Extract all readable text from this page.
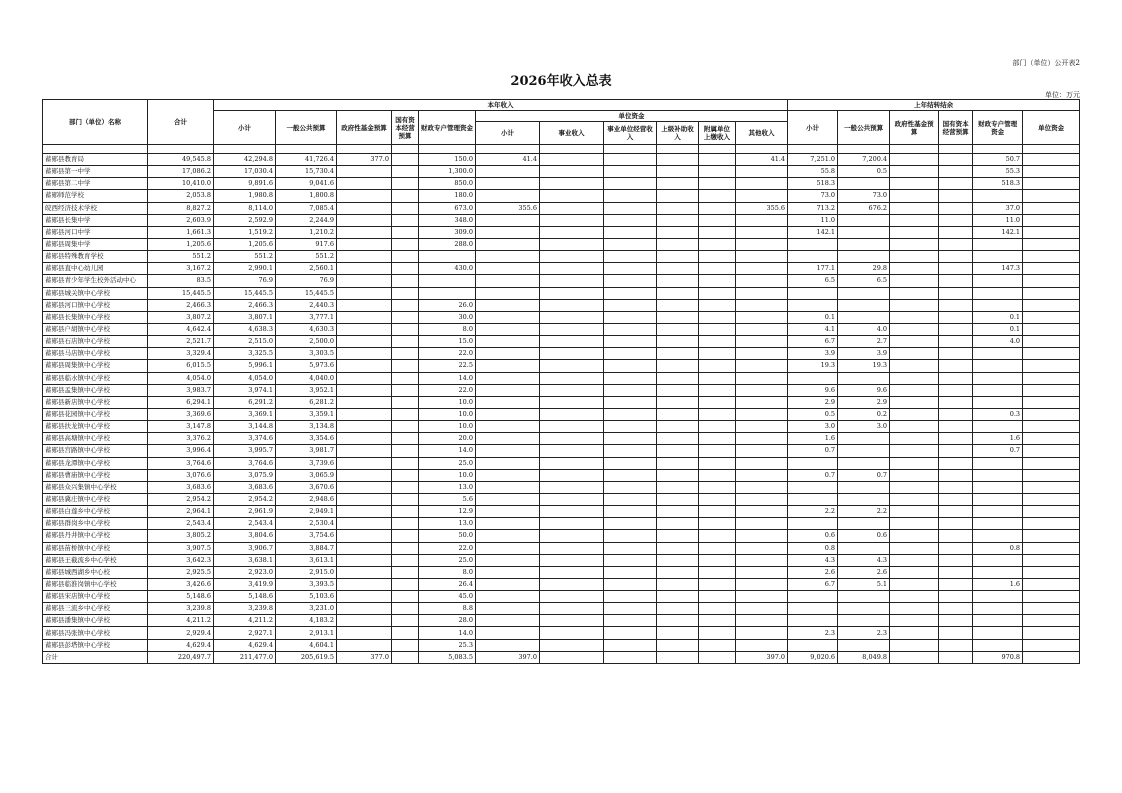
部门（单位）公开表2
2026年收入总表
单位：万元
部门（单位）名称	合计	本年收入											上年结转结余					
		小计	一般公共预算	政府性基金预算	国有资本经营预算	财政专户管理资金	单位资金						小计	一般公共预算	政府性基金预算	国有资本经营预算	财政专户管理资金	单位资金
							小计	事业收入	事业单位经营收入	上级补助收入	附属单位上缴收入	其他收入						

蓄郧县教育局	49,545.8	42,294.8	41,726.4	377.0		150.0	41.4					41.4	7,251.0	7,200.4			50.7	
蓄郧县第一中学	17,086.2	17,030.4	15,730.4			1,300.0							55.8	0.5			55.3	
蓄郧县第二中学	10,410.0	9,891.6	9,041.6			850.0							518.3				518.3	
蓄郧师范学校	2,053.8	1,980.8	1,800.8			180.0							73.0	73.0				
皖西经济技术学校	8,827.2	8,114.0	7,085.4			673.0	355.6					355.6	713.2	676.2			37.0	
蓄郧县长集中学	2,603.9	2,592.9	2,244.9			348.0							11.0				11.0	
蓄郧县河口中学	1,661.3	1,519.2	1,210.2			309.0							142.1				142.1	
蓄郧县周集中学	1,205.6	1,205.6	917.6			288.0												
蓄郧县特殊教育学校	551.2	551.2	551.2															
蓄郧县直中心幼儿园	3,167.2	2,990.1	2,560.1			430.0							177.1	29.8			147.3	
蓄郧县青少年学生校外活动中心	83.5	76.9	76.9										6.5	6.5				
蓄郧县城关镇中心学校	15,445.5	15,445.5	15,445.5															
蓄郧县河口镇中心学校	2,466.3	2,466.3	2,440.3			26.0												
蓄郧县长集镇中心学校	3,807.2	3,807.1	3,777.1			30.0							0.1				0.1	
蓄郧县户胡镇中心学校	4,642.4	4,638.3	4,630.3			8.0							4.1	4.0			0.1	
蓄郧县石店镇中心学校	2,521.7	2,515.0	2,500.0			15.0							6.7	2.7			4.0	
蓄郧县马店镇中心学校	3,329.4	3,325.5	3,303.5			22.0							3.9	3.9				
蓄郧县周集镇中心学校	6,015.5	5,996.1	5,973.6			22.5							19.3	19.3				
蓄郧县临水镇中心学校	4,054.0	4,054.0	4,040.0			14.0												
蓄郧县孟集镇中心学校	3,983.7	3,974.1	3,952.1			22.0							9.6	9.6				
蓄郧县新店镇中心学校	6,294.1	6,291.2	6,281.2			10.0							2.9	2.9				
蓄郧县花园镇中心学校	3,369.6	3,369.1	3,359.1			10.0							0.5	0.2			0.3	
蓄郧县扶龙镇中心学校	3,147.8	3,144.8	3,134.8			10.0							3.0	3.0				
蓄郧县高塘镇中心学校	3,376.2	3,374.6	3,354.6			20.0							1.6				1.6	
蓄郧县宫路镇中心学校	3,996.4	3,995.7	3,981.7			14.0							0.7				0.7	
蓄郧县龙潭镇中心学校	3,764.6	3,764.6	3,739.6			25.0												
蓄郧县曹庙镇中心学校	3,076.6	3,075.9	3,065.9			10.0							0.7	0.7				
蓄郧县众兴集镇中心学校	3,683.6	3,683.6	3,670.6			13.0												
蓄郧县冀庄镇中心学校	2,954.2	2,954.2	2,948.6			5.6												
蓄郧县白莲乡中心学校	2,964.1	2,961.9	2,949.1			12.9							2.2	2.2				
蓄郧县群岗乡中心学校	2,543.4	2,543.4	2,530.4			13.0												
蓄郧县丹井镇中心学校	3,805.2	3,804.6	3,754.6			50.0							0.6	0.6				
蓄郧县苗桥镇中心学校	3,907.5	3,906.7	3,884.7			22.0							0.8				0.8	
蓄郧县王截流乡中心学校	3,642.3	3,638.1	3,613.1			25.0							4.3	4.3				
蓄郧县城西湖乡中心校	2,925.5	2,923.0	2,915.0			8.0							2.6	2.6				
蓄郧县临淮岗镇中心学校	3,426.6	3,419.9	3,393.5			26.4							6.7	5.1			1.6	
蓄郧县宋店镇中心学校	5,148.6	5,148.6	5,103.6			45.0												
蓄郧县三流乡中心学校	3,239.8	3,239.8	3,231.0			8.8												
蓄郧县潘集镇中心学校	4,211.2	4,211.2	4,183.2			28.0												
蓄郧县冯张镇中心学校	2,929.4	2,927.1	2,913.1			14.0							2.3	2.3				
蓄郧县彭塔镇中心学校	4,629.4	4,629.4	4,604.1			25.3												
合计	220,497.7	211,477.0	205,619.5	377.0		5,083.5	397.0					397.0	9,020.6	8,049.8			970.8	
